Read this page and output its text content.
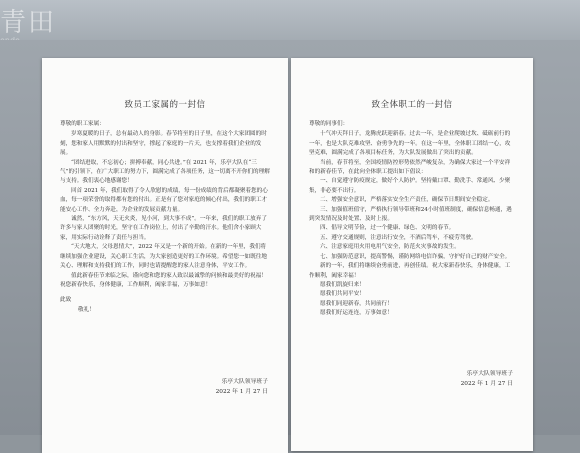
青田
致员工家属的一封信

尊敬的职工家属：

岁寒夏暖的日子，总有最动人的身影。春节将至的日子里，在这个大家团圆的时刻，您和家人用默默的付出和坚守，撑起了家庭的一片天，也支撑着我们企业的发展。

“团结进取，不忘初心；拼搏奉献，同心共进。”在 2021 年，乐亭大队在“三气”的引领下，在广大职工的努力下，圆满完成了各项任务，这一切离不开你们的理解与支持。我们衷心地感谢您！

回首 2021 年，我们取得了令人欣慰的成绩，每一份成绩的背后都凝聚着您的心血，每一项荣誉的取得都有您的付出。正是有了您对家庭的倾心付出，我们的职工才能安心工作、全力奔赴，为企业的发展贡献力量。

诚然，“东方风，天无火炎，见小河，到大事不成”。一年来，我们的职工放弃了许多与家人团聚的时光，坚守在工作岗位上，付出了辛勤的汗水。他们舍小家顾大家，用实际行动诠释了责任与担当。

“天大地大，父母恩情大”，2022 年又是一个新的开始。在新的一年里，我们将继续加强企业建设，关心职工生活，为大家创造更好的工作环境。希望您一如既往地关心、理解和支持我们的工作，同时也请提醒您的家人注意身体，平安工作。

值此新春佳节来临之际，谨向您和您的家人致以最诚挚的问候和最美好的祝福！祝您新春快乐，身体健康，工作顺利，阖家幸福，万事如意！

此致
敬礼！
乐亭大队领导班子
2022 年 1 月 27 日
致全体职工的一封信

尊敬的同事们：

十气冲天拜日子，龙腾虎跃迎新春。过去一年，是企业爬坡过坎、砥砺前行的一年，也是大队克难攻坚、奋勇争先的一年。在这一年里，全体职工团结一心，攻坚克难，圆满完成了各项目标任务，为大队发展做出了突出的贡献。

当前，春节将至，全国疫情防控形势依然严峻复杂，为确保大家过一个平安祥和的新春佳节，在此向全体职工提出如下倡议：

一、自觉遵守防疫规定，做好个人防护。坚持戴口罩、勤洗手、常通风、少聚集，非必要不出行。

二、增强安全意识，严格落实安全生产责任，确保节日期间安全稳定。

三、加强值班值守，严格执行领导带班和24小时值班制度，确保信息畅通，遇到突发情况及时处置、及时上报。

四、倡导文明节俭，过一个健康、绿色、文明的春节。

五、遵守交通规则，注意出行安全，不酒后驾车，不疲劳驾驶。

六、注意家庭用火用电用气安全，防范火灾事故的发生。

七、加强防范意识，提高警惕，谨防网络电信诈骗，守护好自己的财产安全。

新的一年，我们将继续奋勇前进，再创佳绩。祝大家新春快乐，身体健康，工作顺利，阖家幸福！

愿我们凯旋归来！

愿我们共同平安！

愿我们同迎新春，共同前行！

愿我们好运连连，万事如意！

乐亭大队领导班子
2022 年 1 月 27 日
